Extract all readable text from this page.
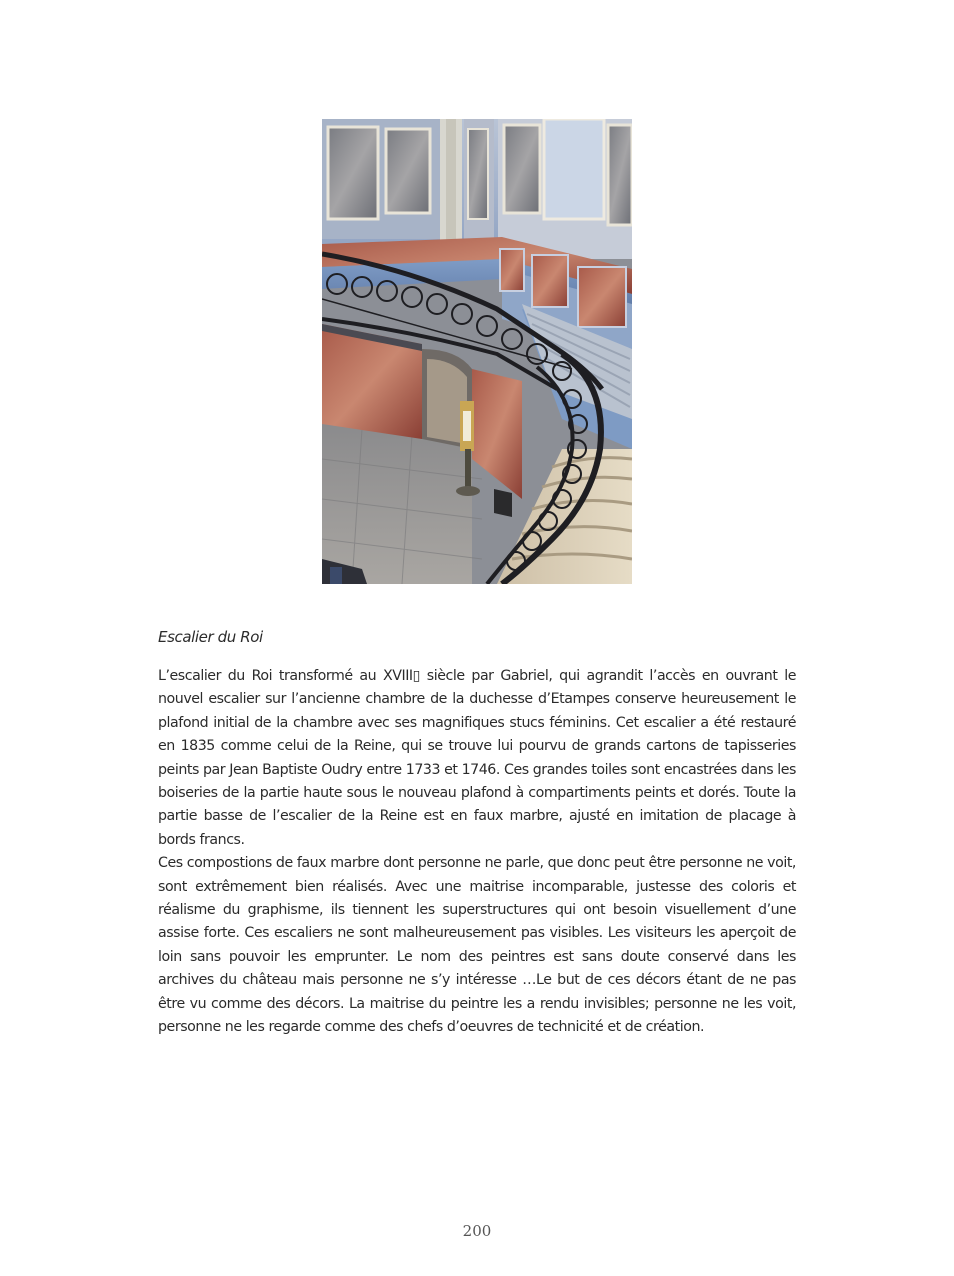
Escalier du Roi

L’escalier du Roi transformé au XVIII▯ siècle par Gabriel, qui agrandit l’accès en ouvrant le nouvel escalier sur l’ancienne chambre de la duchesse d’Etampes conserve heureusement le plafond initial de la chambre avec ses magnifiques stucs féminins. Cet escalier a été restauré en 1835 comme celui de la Reine, qui se trouve lui pourvu de grands cartons de tapisseries peints par Jean Baptiste Oudry entre 1733 et 1746. Ces grandes toiles sont encastrées dans les boiseries de la partie haute sous le nouveau plafond à compartiments peints et dorés. Toute la partie basse de l’escalier de la Reine est en faux marbre, ajusté en imitation de placage à bords francs.

Ces compostions de faux marbre dont personne ne parle, que donc peut être personne ne voit, sont extrêmement bien réalisés. Avec une maitrise incomparable, justesse des coloris et réalisme du graphisme, ils tiennent les superstructures qui ont besoin visuellement d’une assise forte. Ces escaliers ne sont malheureusement pas visibles. Les visiteurs les aperçoit de loin sans pouvoir les emprunter. Le nom des peintres est sans doute conservé dans les archives du château mais personne ne s’y intéresse …Le but de ces décors étant de ne pas être vu comme des décors. La maitrise du peintre les a rendu invisibles; personne ne les voit, personne ne les regarde comme des chefs d’oeuvres de technicité et de création.

200
